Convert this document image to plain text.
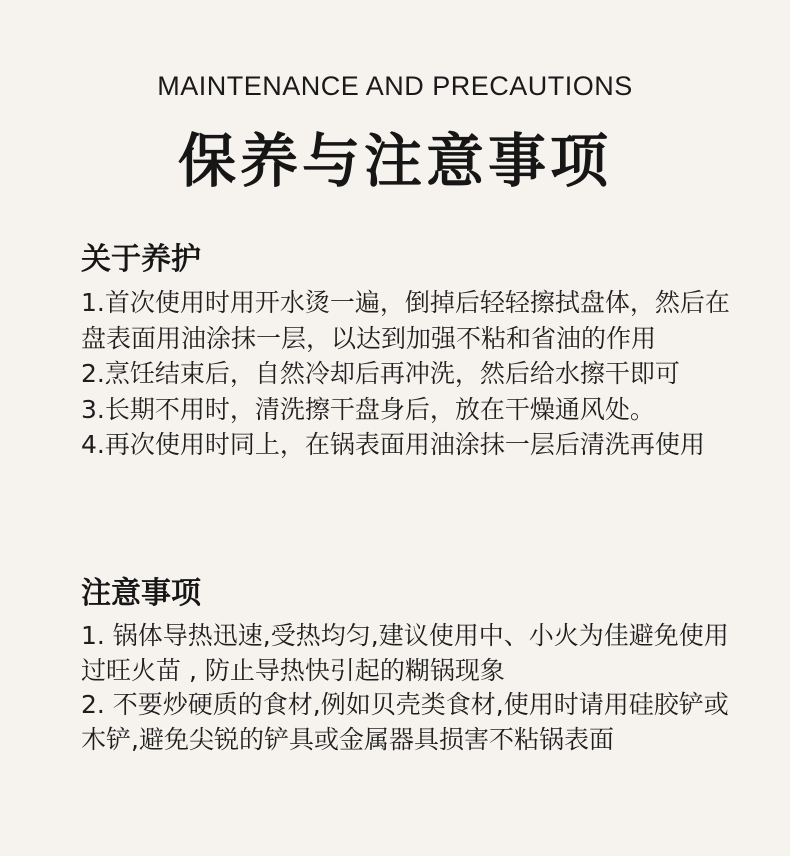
MAINTENANCE AND PRECAUTIONS
保养与注意事项
关于养护
1.首次使用时用开水烫一遍，倒掉后轻轻擦拭盘体，然后在盘表面用油涂抹一层，以达到加强不粘和省油的作用
2.烹饪结束后，自然冷却后再冲洗，然后给水擦干即可
3.长期不用时，清洗擦干盘身后，放在干燥通风处。
4.再次使用时同上，在锅表面用油涂抹一层后清洗再使用
注意事项
1. 锅体导热迅速,受热均匀,建议使用中、小火为佳避免使用过旺火苗 , 防止导热快引起的糊锅现象
2. 不要炒硬质的食材,例如贝壳类食材,使用时请用硅胶铲或木铲,避免尖锐的铲具或金属器具损害不粘锅表面
